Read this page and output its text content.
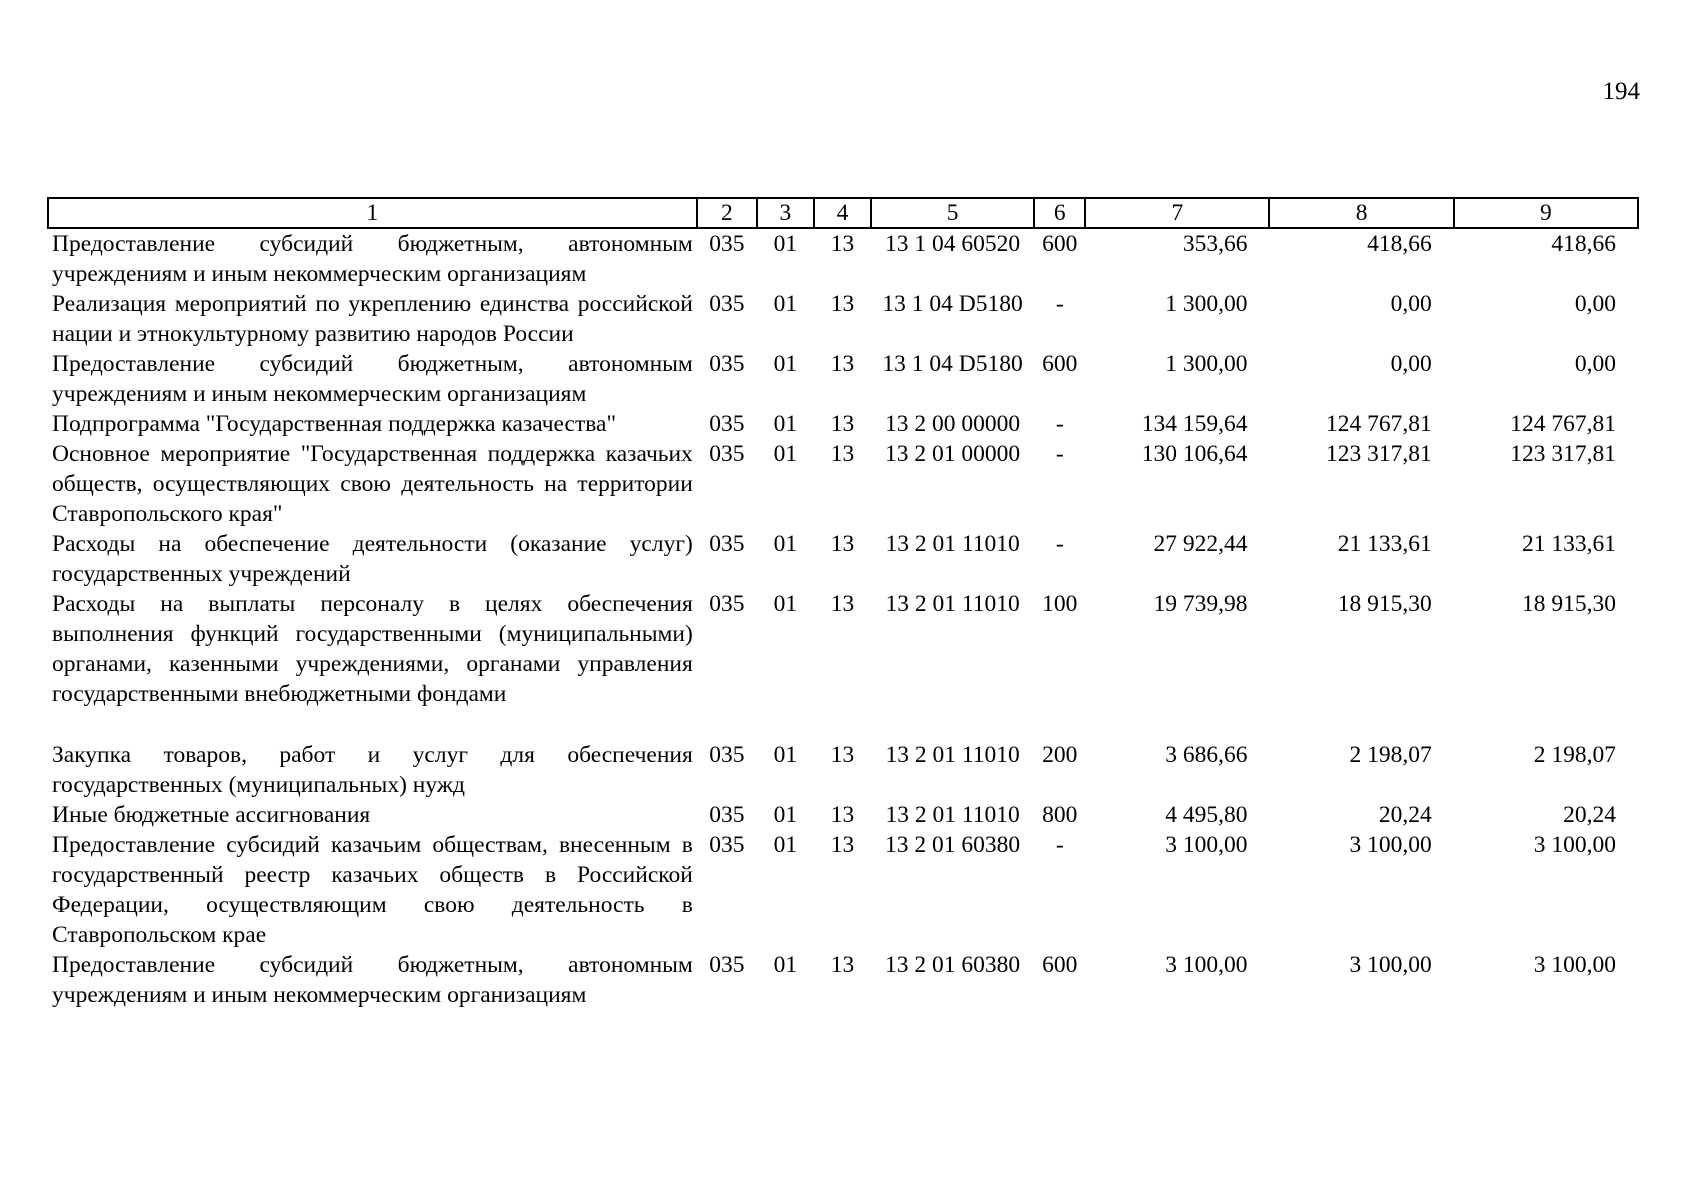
194
1	2	3	4	5	6	7	8	9
Предоставление субсидий бюджетным, автономным учреждениям и иным некоммерческим организациям	035	01	13	13 1 04 60520	600	353,66	418,66	418,66
Реализация мероприятий по укреплению единства российской нации и этнокультурному развитию народов России	035	01	13	13 1 04 D5180	-	1 300,00	0,00	0,00
Предоставление субсидий бюджетным, автономным учреждениям и иным некоммерческим организациям	035	01	13	13 1 04 D5180	600	1 300,00	0,00	0,00
Подпрограмма "Государственная поддержка казачества"	035	01	13	13 2 00 00000	-	134 159,64	124 767,81	124 767,81
Основное мероприятие "Государственная поддержка казачьих обществ, осуществляющих свою деятельность на территории Ставропольского края"	035	01	13	13 2 01 00000	-	130 106,64	123 317,81	123 317,81
Расходы на обеспечение деятельности (оказание услуг) государственных учреждений	035	01	13	13 2 01 11010	-	27 922,44	21 133,61	21 133,61
Расходы на выплаты персоналу в целях обеспечения выполнения функций государственными (муниципальными) органами, казенными учреждениями, органами управления государственными внебюджетными фондами	035	01	13	13 2 01 11010	100	19 739,98	18 915,30	18 915,30
Закупка товаров, работ и услуг для обеспечения государственных (муниципальных) нужд	035	01	13	13 2 01 11010	200	3 686,66	2 198,07	2 198,07
Иные бюджетные ассигнования	035	01	13	13 2 01 11010	800	4 495,80	20,24	20,24
Предоставление субсидий казачьим обществам, внесенным в государственный реестр казачьих обществ в Российской Федерации, осуществляющим свою деятельность в Ставропольском крае	035	01	13	13 2 01 60380	-	3 100,00	3 100,00	3 100,00
Предоставление субсидий бюджетным, автономным учреждениям и иным некоммерческим организациям	035	01	13	13 2 01 60380	600	3 100,00	3 100,00	3 100,00
